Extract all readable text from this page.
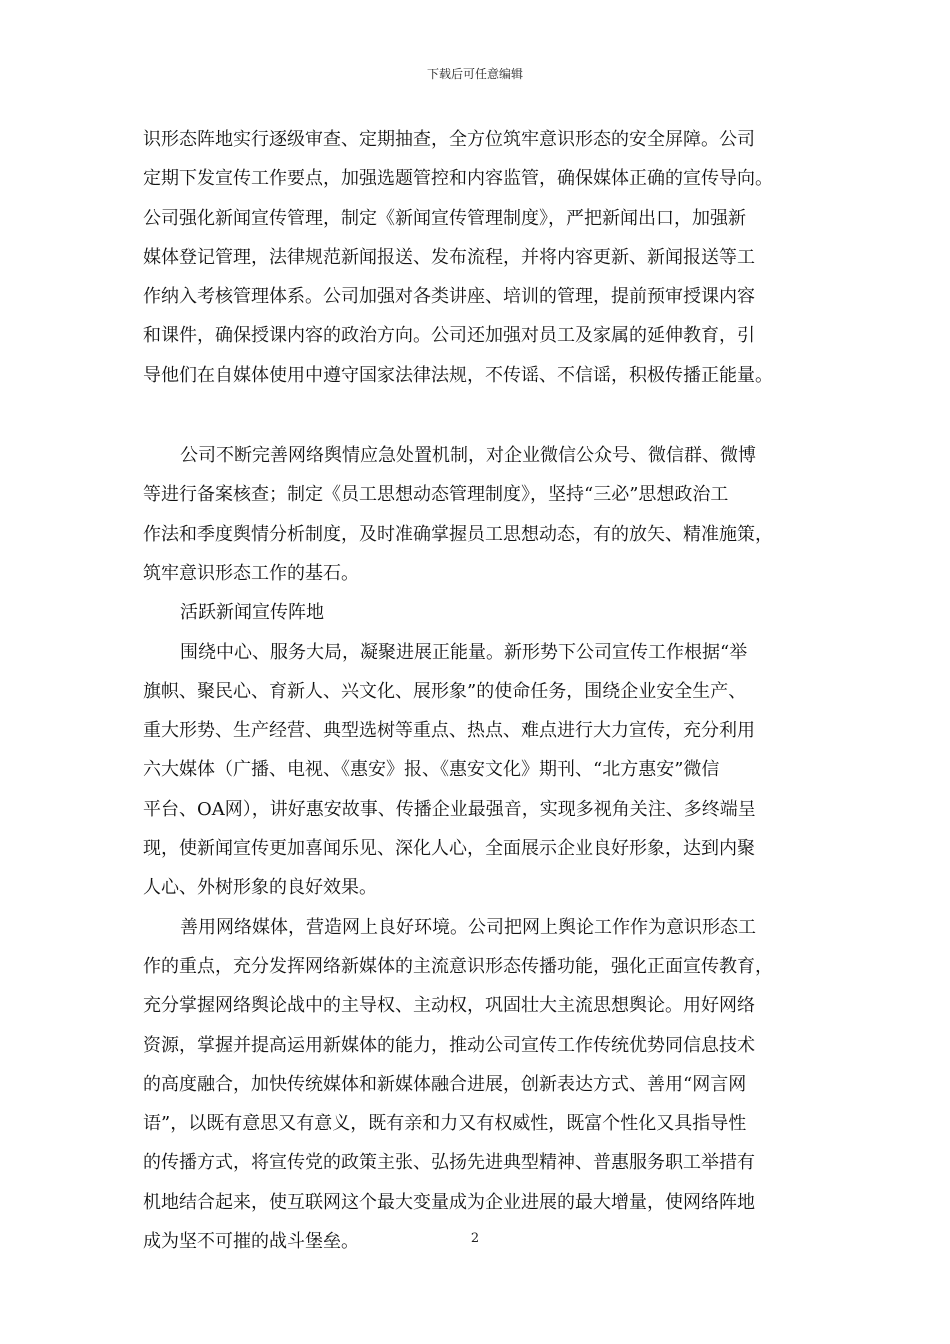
下载后可任意编辑
识形态阵地实行逐级审查、定期抽查，全方位筑牢意识形态的安全屏障。公司
定期下发宣传工作要点，加强选题管控和内容监管，确保媒体正确的宣传导向。
公司强化新闻宣传管理，制定《新闻宣传管理制度》，严把新闻出口，加强新
媒体登记管理，法律规范新闻报送、发布流程，并将内容更新、新闻报送等工
作纳入考核管理体系。公司加强对各类讲座、培训的管理，提前预审授课内容
和课件，确保授课内容的政治方向。公司还加强对员工及家属的延伸教育，引
导他们在自媒体使用中遵守国家法律法规，不传谣、不信谣，积极传播正能量。
公司不断完善网络舆情应急处置机制，对企业微信公众号、微信群、微博
等进行备案核查；制定《员工思想动态管理制度》，坚持“三必”思想政治工
作法和季度舆情分析制度，及时准确掌握员工思想动态，有的放矢、精准施策，
筑牢意识形态工作的基石。
活跃新闻宣传阵地
围绕中心、服务大局，凝聚进展正能量。新形势下公司宣传工作根据“举
旗帜、聚民心、育新人、兴文化、展形象”的使命任务，围绕企业安全生产、
重大形势、生产经营、典型选树等重点、热点、难点进行大力宣传，充分利用
六大媒体（广播、电视、《惠安》报、《惠安文化》期刊、“北方惠安”微信
平台、OA网），讲好惠安故事、传播企业最强音，实现多视角关注、多终端呈
现，使新闻宣传更加喜闻乐见、深化人心，全面展示企业良好形象，达到内聚
人心、外树形象的良好效果。
善用网络媒体，营造网上良好环境。公司把网上舆论工作作为意识形态工
作的重点，充分发挥网络新媒体的主流意识形态传播功能，强化正面宣传教育，
充分掌握网络舆论战中的主导权、主动权，巩固壮大主流思想舆论。用好网络
资源，掌握并提高运用新媒体的能力，推动公司宣传工作传统优势同信息技术
的高度融合，加快传统媒体和新媒体融合进展，创新表达方式、善用“网言网
语”，以既有意思又有意义，既有亲和力又有权威性，既富个性化又具指导性
的传播方式，将宣传党的政策主张、弘扬先进典型精神、普惠服务职工举措有
机地结合起来，使互联网这个最大变量成为企业进展的最大增量，使网络阵地
成为坚不可摧的战斗堡垒。	2
